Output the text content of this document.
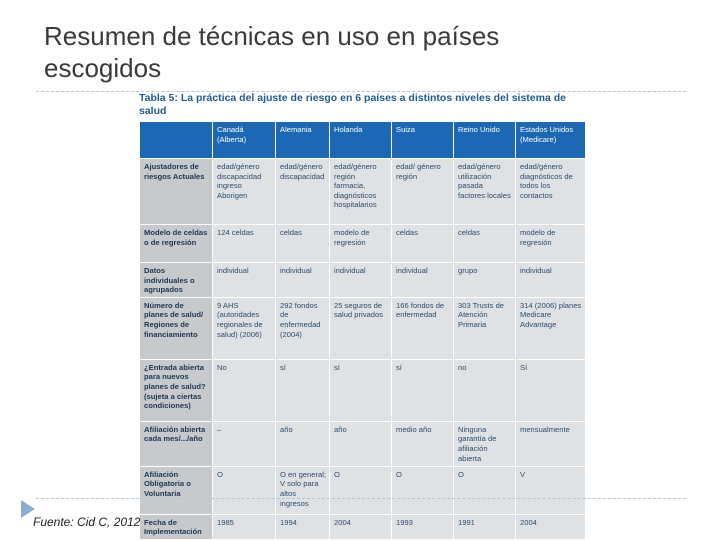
Resumen de técnicas en uso en países escogidos
Tabla 5: La práctica del ajuste de riesgo en 6 países a distintos niveles del sistema de salud
	Canadá (Alberta)	Alemania	Holanda	Suiza	Reino Unido	Estados Unidos (Medicare)
Ajustadores de riesgos Actuales	edad/género discapacidad ingreso Aborigen	edad/género discapacidad	edad/género región farmacia, diagnósticos hospitalarios	edad/ género región	edad/género utilización pasada factores locales	edad/género diagnósticos de todos los contactos
Modelo de celdas o de regresión	124 celdas	celdas	modelo de regresión	celdas	celdas	modelo de regresión
Datos individuales o agrupados	individual	individual	individual	individual	grupo	individual
Número de planes de salud/ Regiones de financiamiento	9 AHS (autoridades regionales de salud) (2006)	292 fondos de enfermedad (2004)	25 seguros de salud privados	166 fondos de enfermedad	303 Trusts de Atención Primaria	314 (2006) planes Medicare Advantage
¿Entrada abierta para nuevos planes de salud? (sujeta a ciertas condiciones)	No	sí	sí	sí	no	Sí
Afiliación abierta cada mes/.../año	–	año	año	medio año	Ninguna garantía de afiliación abierta	mensualmente
Afiliación Obligatoria o Voluntaria	O	O en general; V solo para altos ingresos	O	O	O	V
Fecha de Implementación	1985	1994	2004	1993	1991	2004
Fuente: Cid C, 2012
